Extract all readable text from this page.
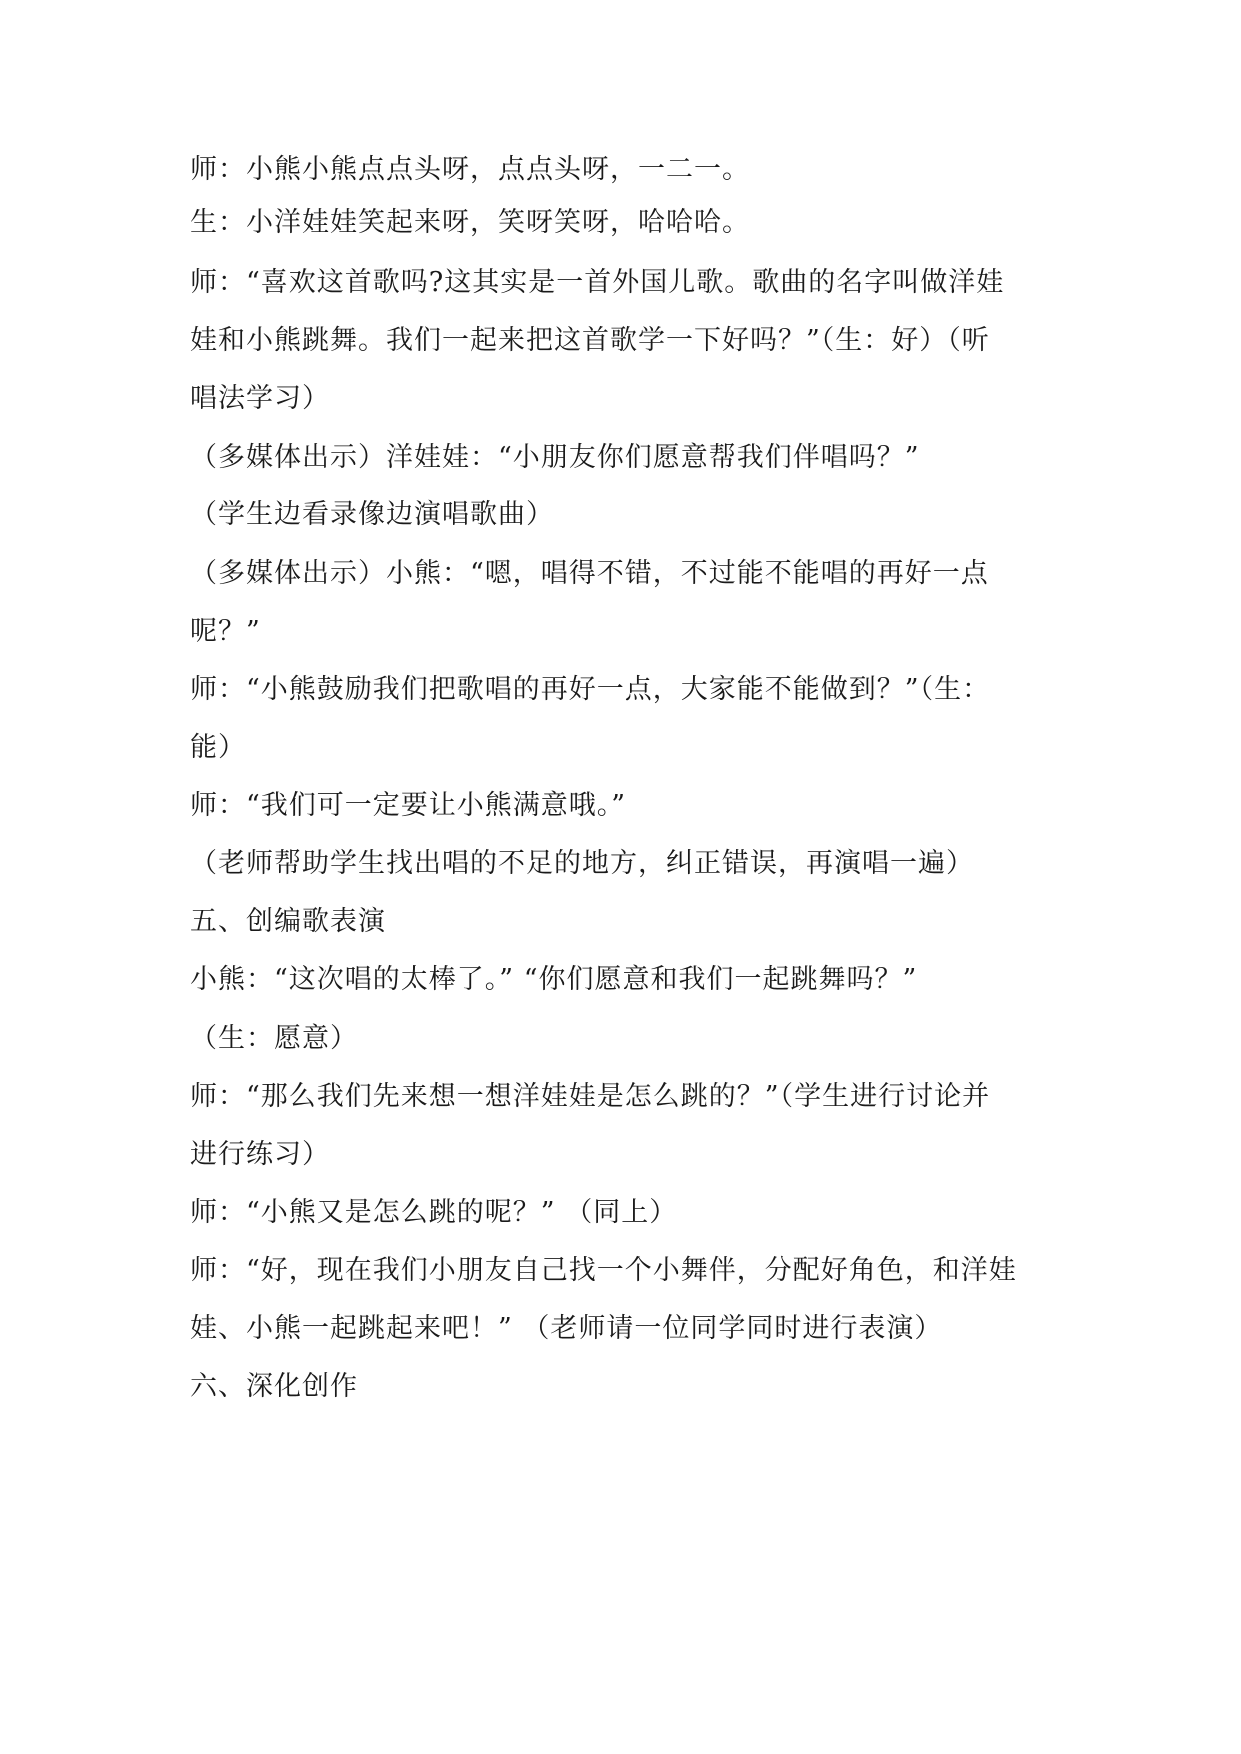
师：小熊小熊点点头呀，点点头呀，一二一。
生：小洋娃娃笑起来呀，笑呀笑呀，哈哈哈。
师：“喜欢这首歌吗?这其实是一首外国儿歌。歌曲的名字叫做洋娃
娃和小熊跳舞。我们一起来把这首歌学一下好吗？”（生：好）（听
唱法学习）
（多媒体出示）洋娃娃：“小朋友你们愿意帮我们伴唱吗？”
（学生边看录像边演唱歌曲）
（多媒体出示）小熊：“嗯，唱得不错，不过能不能唱的再好一点
呢？”
师：“小熊鼓励我们把歌唱的再好一点，大家能不能做到？”（生：
能）
师：“我们可一定要让小熊满意哦。”
（老师帮助学生找出唱的不足的地方，纠正错误，再演唱一遍）
五、创编歌表演
小熊：“这次唱的太棒了。” “你们愿意和我们一起跳舞吗？”
（生：愿意）
师：“那么我们先来想一想洋娃娃是怎么跳的？”（学生进行讨论并
进行练习）
师：“小熊又是怎么跳的呢？” （同上）
师：“好，现在我们小朋友自己找一个小舞伴，分配好角色，和洋娃
娃、小熊一起跳起来吧！” （老师请一位同学同时进行表演）
六、深化创作
